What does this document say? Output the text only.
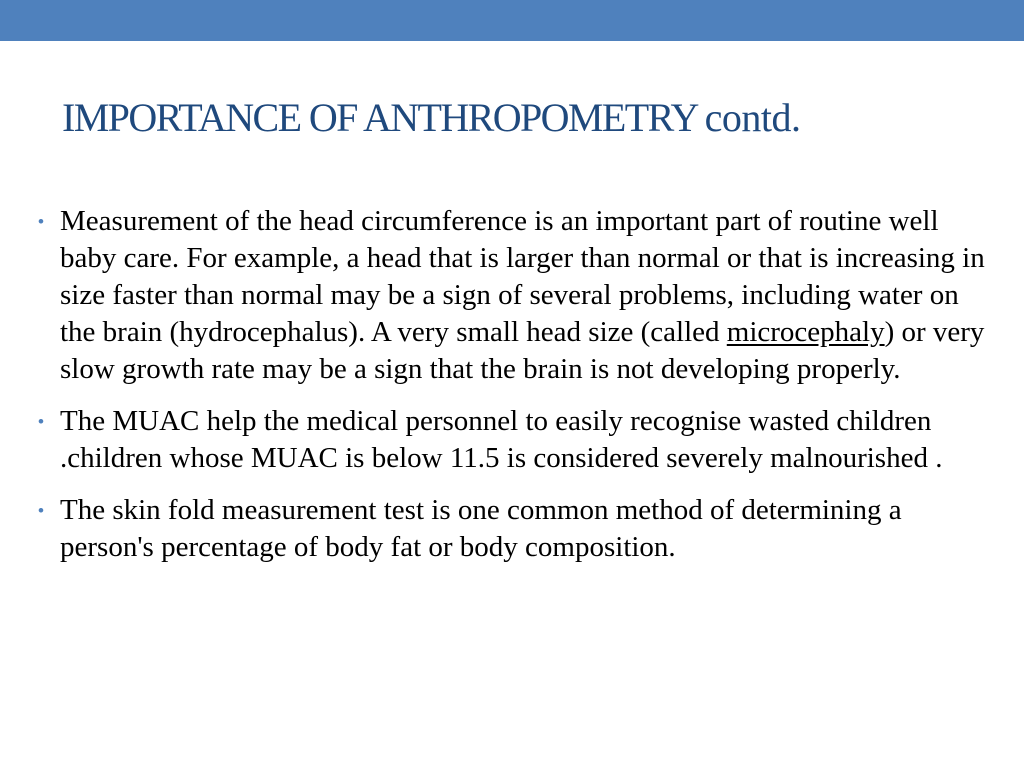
IMPORTANCE OF ANTHROPOMETRY contd.
• Measurement of the head circumference is an important part of routine well baby care. For example, a head that is larger than normal or that is increasing in size faster than normal may be a sign of several problems, including water on the brain (hydrocephalus). A very small head size (called microcephaly) or very slow growth rate may be a sign that the brain is not developing properly.
• The MUAC help the medical personnel to easily recognise wasted children .children whose MUAC is below 11.5 is considered severely malnourished .
• The skin fold measurement test is one common method of determining a person's percentage of body fat or body composition.
